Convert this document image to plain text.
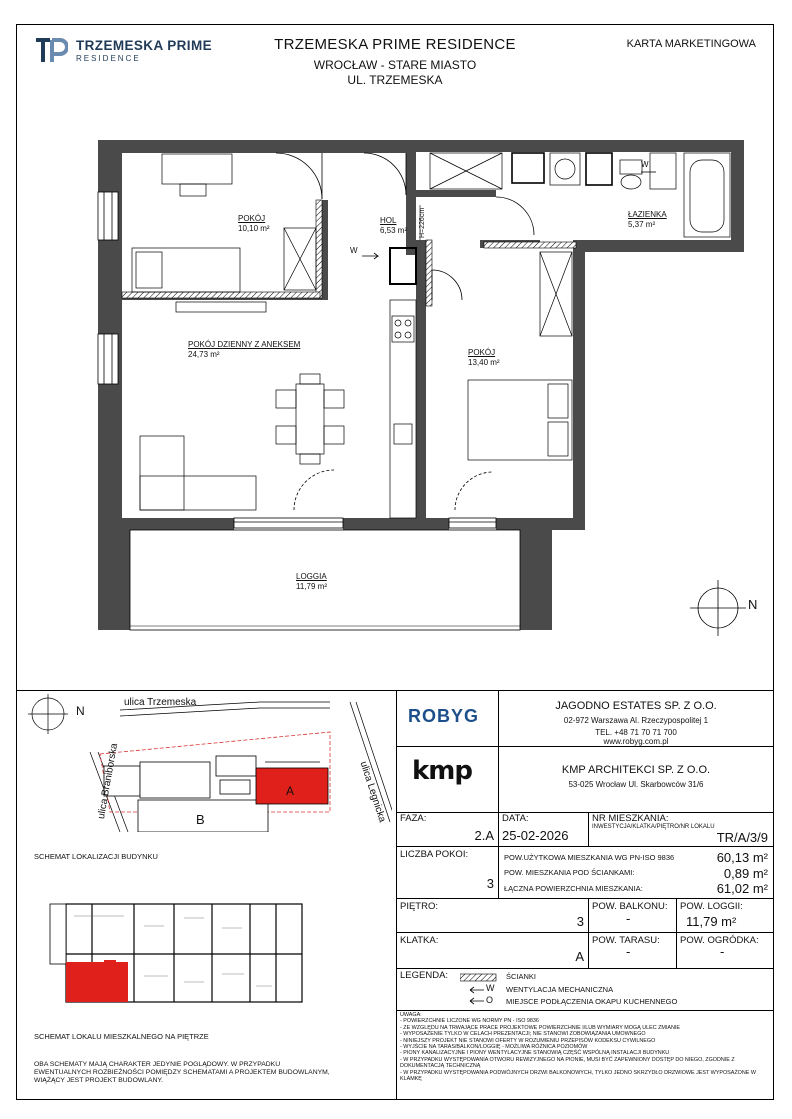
TRZEMESKA PRIME
RESIDENCE
TRZEMESKA PRIME RESIDENCE
WROCŁAW - STARE MIASTO
UL. TRZEMESKA
KARTA MARKETINGOWA
POKÓJ
10,10 m²
HOL
6,53 m² H=226cm	ŁAZIENKA
5,37 m²
POKÓJ DZIENNY Z ANEKSEM
24,73 m²	POKÓJ
13,40 m²
LOGGIA
11,79 m²
W
W
N
ulica Trzemeska
ulica Braniborska	ulica Legnicka
B
A
N
SCHEMAT LOKALIZACJI BUDYNKU
SCHEMAT LOKALU MIESZKALNEGO NA PIĘTRZE
OBA SCHEMATY MAJĄ CHARAKTER JEDYNIE POGLĄDOWY. W PRZYPADKU EWENTUALNYCH ROZBIEŻNOŚCI POMIĘDZY SCHEMATAMI A PROJEKTEM BUDOWLANYM, WIĄŻĄCY JEST PROJEKT BUDOWLANY.
ROBYG	JAGODNO ESTATES SP. Z O.O.
02-972 Warszawa Al. Rzeczypospolitej 1
TEL. +48 71 70 71 700
www.robyg.com.pl
kmp	KMP ARCHITEKCI SP. Z O.O.
53-025 Wrocław Ul. Skarbowców 31/6
FAZA:
2.A
DATA:
25-02-2026
NR MIESZKANIA:
INWESTYCJA/KLATKA/PIĘTRO/NR LOKALU
TR/A/3/9
LICZBA POKOI:
3
POW.UŻYTKOWA MIESZKANIA WG PN-ISO 9836	60,13 m²
POW. MIESZKANIA POD ŚCIANKAMI:	0,89 m²
ŁĄCZNA POWIERZCHNIA MIESZKANIA:	61,02 m²
PIĘTRO:
3
POW. BALKONU:
-
POW. LOGGII:
11,79 m²
KLATKA:
A
POW. TARASU:
-
POW. OGRÓDKA:
-
LEGENDA:	ŚCIANKI
W WENTYLACJA MECHANICZNA
O MIEJSCE PODŁĄCZENIA OKAPU KUCHENNEGO
UWAGA:
- POWIERZCHNIE LICZONE WG NORMY PN - ISO 9836
- ZE WZGLĘDU NA TRWAJĄCE PRACE PROJEKTOWE POWIERZCHNIE I/LUB WYMIARY MOGĄ ULEC ZMIANIE
- WYPOSAŻENIE TYLKO W CELACH PREZENTACJI; NIE STANOWI ZOBOWIĄZANIA UMOWNEGO
- NINIEJSZY PROJEKT NIE STANOWI OFERTY W ROZUMIENIU PRZEPISÓW KODEKSU CYWILNEGO
- WYJŚCIE NA TARAS/BALKON/LOGGIĘ - MOŻLIWA RÓŻNICA POZIOMÓW
- PIONY KANALIZACYJNE I PIONY WENTYLACYJNE STANOWIĄ CZĘŚĆ WSPÓLNĄ INSTALACJI BUDYNKU
- W PRZYPADKU WYSTĘPOWANIA OTWORU REWIZYJNEGO NA PIONIE, MUSI BYĆ ZAPEWNIONY DOSTĘP DO NIEGO, ZGODNIE Z DOKUMENTACJĄ TECHNICZNĄ
- W PRZYPADKU WYSTĘPOWANIA PODWÓJNYCH DRZWI BALKONOWYCH, TYLKO JEDNO SKRZYDŁO DRZWIOWE JEST WYPOSAŻONE W KLAMKĘ
